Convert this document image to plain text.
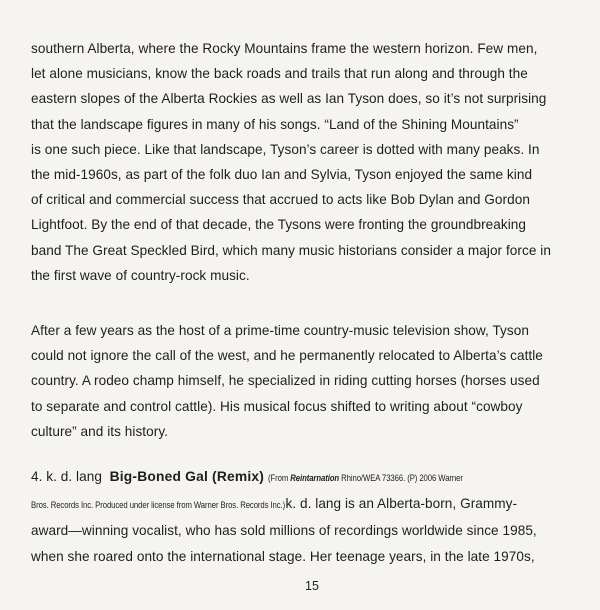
southern Alberta, where the Rocky Mountains frame the western horizon. Few men,
let alone musicians, know the back roads and trails that run along and through the
eastern slopes of the Alberta Rockies as well as Ian Tyson does, so it’s not surprising
that the landscape figures in many of his songs. “Land of the Shining Mountains”
is one such piece. Like that landscape, Tyson’s career is dotted with many peaks. In
the mid-1960s, as part of the folk duo Ian and Sylvia, Tyson enjoyed the same kind
of critical and commercial success that accrued to acts like Bob Dylan and Gordon
Lightfoot. By the end of that decade, the Tysons were fronting the groundbreaking
band The Great Speckled Bird, which many music historians consider a major force in
the first wave of country-rock music.

After a few years as the host of a prime-time country-music television show, Tyson
could not ignore the call of the west, and he permanently relocated to Alberta’s cattle
country. A rodeo champ himself, he specialized in riding cutting horses (horses used
to separate and control cattle). His musical focus shifted to writing about “cowboy
culture” and its history.

4. k. d. lang Big-Boned Gal (Remix) (From Reintarnation Rhino/WEA 73366. (P) 2006 Warner
Bros. Records Inc. Produced under license from Warner Bros. Records Inc.)k. d. lang is an Alberta-born, Grammy-
award—winning vocalist, who has sold millions of recordings worldwide since 1985,
when she roared onto the international stage. Her teenage years, in the late 1970s,

15
